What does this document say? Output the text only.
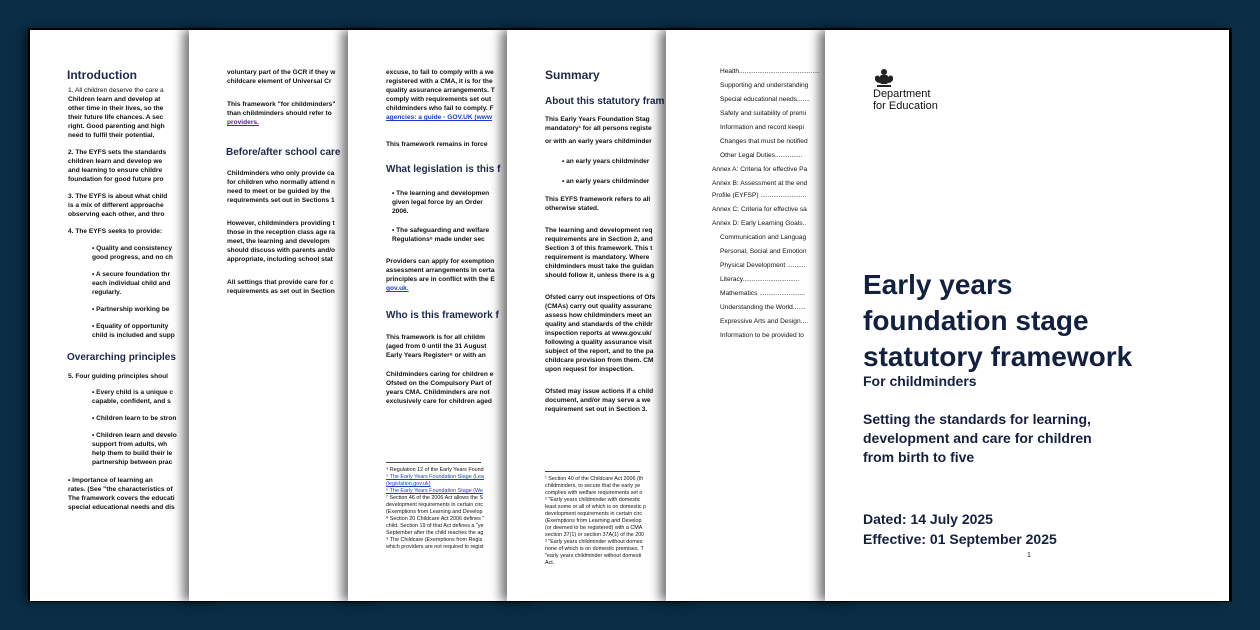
Introduction
1. All children deserve the care a
Children learn and develop at
other time in their lives, so the
their future life chances. A sec
right. Good parenting and high
need to fulfil their potential.
2. The EYFS sets the standards
children learn and develop we
and learning to ensure childre
foundation for good future pro
3. The EYFS is about what child
is a mix of different approache
observing each other, and thro
4. The EYFS seeks to provide:
• Quality and consistency
good progress, and no ch
• A secure foundation thr
each individual child and
regularly.
• Partnership working be
• Equality of opportunity
child is included and supp
Overarching principles
5. Four guiding principles shoul
• Every child is a unique c
capable, confident, and s
• Children learn to be stron
• Children learn and develo
support from adults, wh
help them to build their le
partnership between prac
• Importance of learning an
rates. (See "the characteristics of
The framework covers the educati
special educational needs and dis
voluntary part of the GCR if they w
childcare element of Universal Cr
This framework "for childminders"
than childminders should refer to
providers.
Before/after school care
Childminders who only provide ca
for children who normally attend n
need to meet or be guided by the
requirements set out in Sections 1
However, childminders providing t
those in the reception class age ra
meet, the learning and developm
should discuss with parents and/o
appropriate, including school stat
All settings that provide care for c
requirements as set out in Section
excuse, to fail to comply with a we
registered with a CMA, it is for the
quality assurance arrangements. T
comply with requirements set out
childminders who fail to comply. F
agencies: a guide - GOV.UK (www
This framework remains in force
What legislation is this f
• The learning and developmen
given legal force by an Order
2006.
• The safeguarding and welfare
Regulations⁶ made under sec
Providers can apply for exemption
assessment arrangements in certa
principles are in conflict with the E
gov.uk.
Who is this framework f
This framework is for all childm
(aged from 0 until the 31 August
Early Years Register⁸ or with an
Childminders caring for children e
Ofsted on the Compulsory Part of
years CMA. Childminders are not
exclusively care for children aged
⁴ Regulation 12 of the Early Years Found
⁵ The Early Years Foundation Stage (Lea
(legislation.gov.uk)
⁶ The Early Years Foundation Stage (We
⁷ Section 46 of the 2006 Act allows the S
development requirements in certain circ
(Exemptions from Learning and Develop
⁸ Section 20 Childcare Act 2006 defines "
child. Section 19 of that Act defines a "ye
September after the child reaches the ag
⁹ The Childcare (Exemptions from Regis
which providers are not required to regist
Summary
About this statutory fram
This Early Years Foundation Stag
mandatory¹ for all persons registe
or with an early years childminder
• an early years childminder
• an early years childminder
This EYFS framework refers to all
otherwise stated.
The learning and development req
requirements are in Section 2, and
Section 3 of this framework. This t
requirement is mandatory. Where
childminders must take the guidan
should follow it, unless there is a g
Ofsted carry out inspections of Ofs
(CMAs) carry out quality assuranc
assess how childminders meet an
quality and standards of the childr
inspection reports at www.gov.uk/
following a quality assurance visit
subject of the report, and to the pa
childcare provision from them. CM
upon request for inspection.
Ofsted may issue actions if a child
document, and/or may serve a we
requirement set out in Section 3.
¹ Section 40 of the Childcare Act 2006 (th
childminders, to secure that the early ye
complies with welfare requirements set o
² "Early years childminder with domestic
least some or all of which is on domestic p
development requirements in certain circ
(Exemptions from Learning and Develop
(or deemed to be registered) with a CMA
section 37(1) or section 37A(1) of the 200
³ "Early years childminder without domes
none of which is on domestic premises. T
"early years childminder without domesti
Act.
Health............................................
Supporting and understanding
Special educational needs.......
Safety and suitability of premi
Information and record keepi
Changes that must be notified
Other Legal Duties...............
Annex A: Criteria for effective Pa
Annex B: Assessment at the end
Profile (EYFSP) .........................
Annex C: Criteria for effective sa
Annex D: Early Learning Goals..
Communication and Languag
Personal, Social and Emotion
Physical Development ..........
Literacy...............................
Mathematics .........................
Understanding the World.......
Expressive Arts and Design....
Information to be provided to
Department
for Education
Early years
foundation stage
statutory framework
For childminders
Setting the standards for learning,
development and care for children
from birth to five
Dated: 14 July 2025
Effective: 01 September 2025
1
